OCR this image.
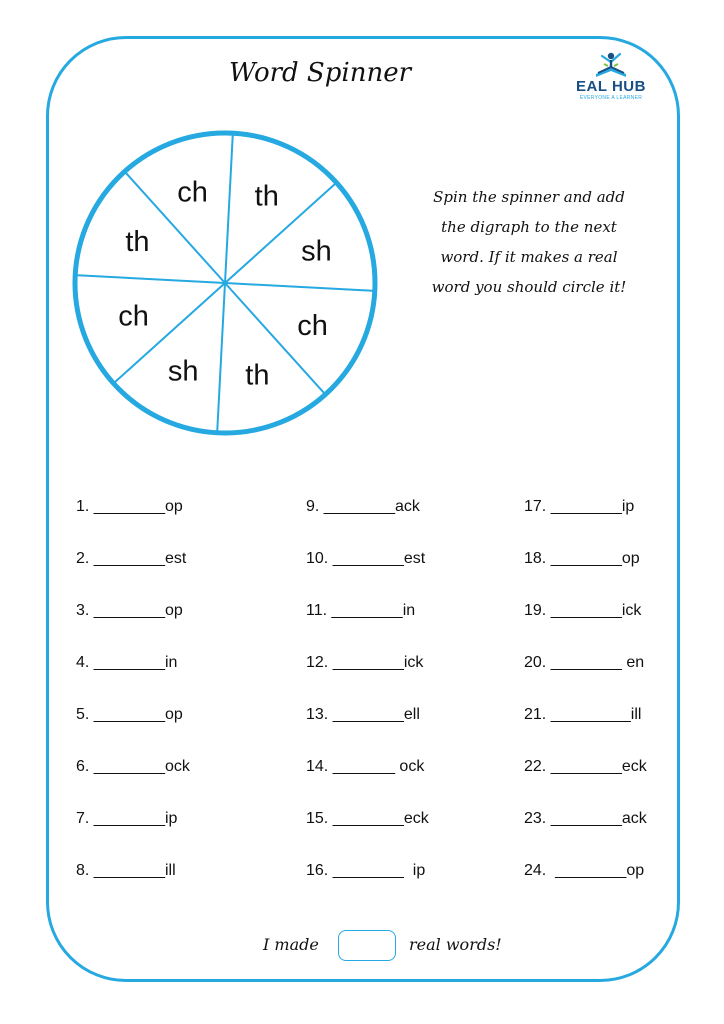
Word Spinner	EAL HUB
EVERYONE A LEARNER
ch th
sh
ch
th
sh
ch
th
Spin the spinner and add
the digraph to the next
word. If it makes a real
word you should circle it!
1. ________op
2. ________est
3. ________op
4. ________in
5. ________op
6. ________ock
7. ________ip
8. ________ill
9. ________ack
10. ________est
11. ________in
12. ________ick
13. ________ell
14. _______ ock
15. ________eck
16. ________  ip
17. ________ip
18. ________op
19. ________ick
20. ________ en
21. _________ill
22. ________eck
23. ________ack
24.  ________op
I made	real words!
